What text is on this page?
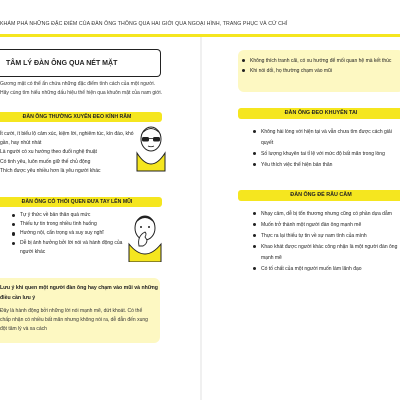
KHÁM PHÁ NHỮNG ĐẶC ĐIỂM CỦA ĐÀN ÔNG THÔNG QUA HAI GIỚI QUA NGOẠI HÌNH, TRANG PHỤC VÀ CỬ CHỈ
TÂM LÝ ĐÀN ÔNG QUA NÉT MẶT

Gương mặt có thể ẩn chứa những đặc điểm tính cách của một người.

Hãy cùng tìm hiểu những dấu hiệu thể hiện qua khuôn mặt của nam giới.

ĐÀN ÔNG THƯỜNG XUYÊN ĐEO KÍNH RÂM
Ít cười, ít biểu lộ cảm xúc, kiệm lời, nghiêm túc, kín đáo, khó gần, hay nhút nhát
Là người có xu hướng theo đuổi nghệ thuật
Có tinh yêu, luôn muốn giữ thế chủ động
Thích được yêu nhiều hơn là yêu người khác
ĐÀN ÔNG CÓ THÓI QUEN ĐƯA TAY LÊN MŨI
Tự ý thức về bản thân quá mức
Thiếu tự tin trong nhiều tình huống
Hướng nội, cẩn trọng và suy suy nghĩ
Dễ bị ảnh hưởng bởi lời nói và hành động của người khác
Lưu ý khi quen một người đàn ông hay chạm vào mũi và những điều cần lưu ý
Đây là hành động bởi những lời nói mạnh mẽ, dứt khoát. Có thể chấp nhận có nhiều bất mãn nhưng không nói ra, dễ dẫn đến xung đột tâm lý và xa cách
Không thích tranh cãi, có xu hướng để mối quan hệ mà kết thúc
Khi nói dối, họ thường chạm vào mũi
ĐÀN ÔNG ĐEO KHUYÊN TAI
Không hài lòng với hiện tại và vẫn chưa tìm được cách giải quyết
Số lượng khuyên tai tỉ lệ với mức độ bất mãn trong lòng
Yêu thích việc thể hiện bản thân
ĐÀN ÔNG ĐỂ RÂU CẰM
Nhạy cảm, dễ bị tổn thương nhưng cũng có phần dựa dẫm
Muốn trở thành một người đàn ông mạnh mẽ
Thực ra lại thiếu tự tin về sự nam tính của mình
Khao khát được người khác công nhận là một người đàn ông mạnh mẽ
Có tố chất của một người muốn làm lãnh đạo
